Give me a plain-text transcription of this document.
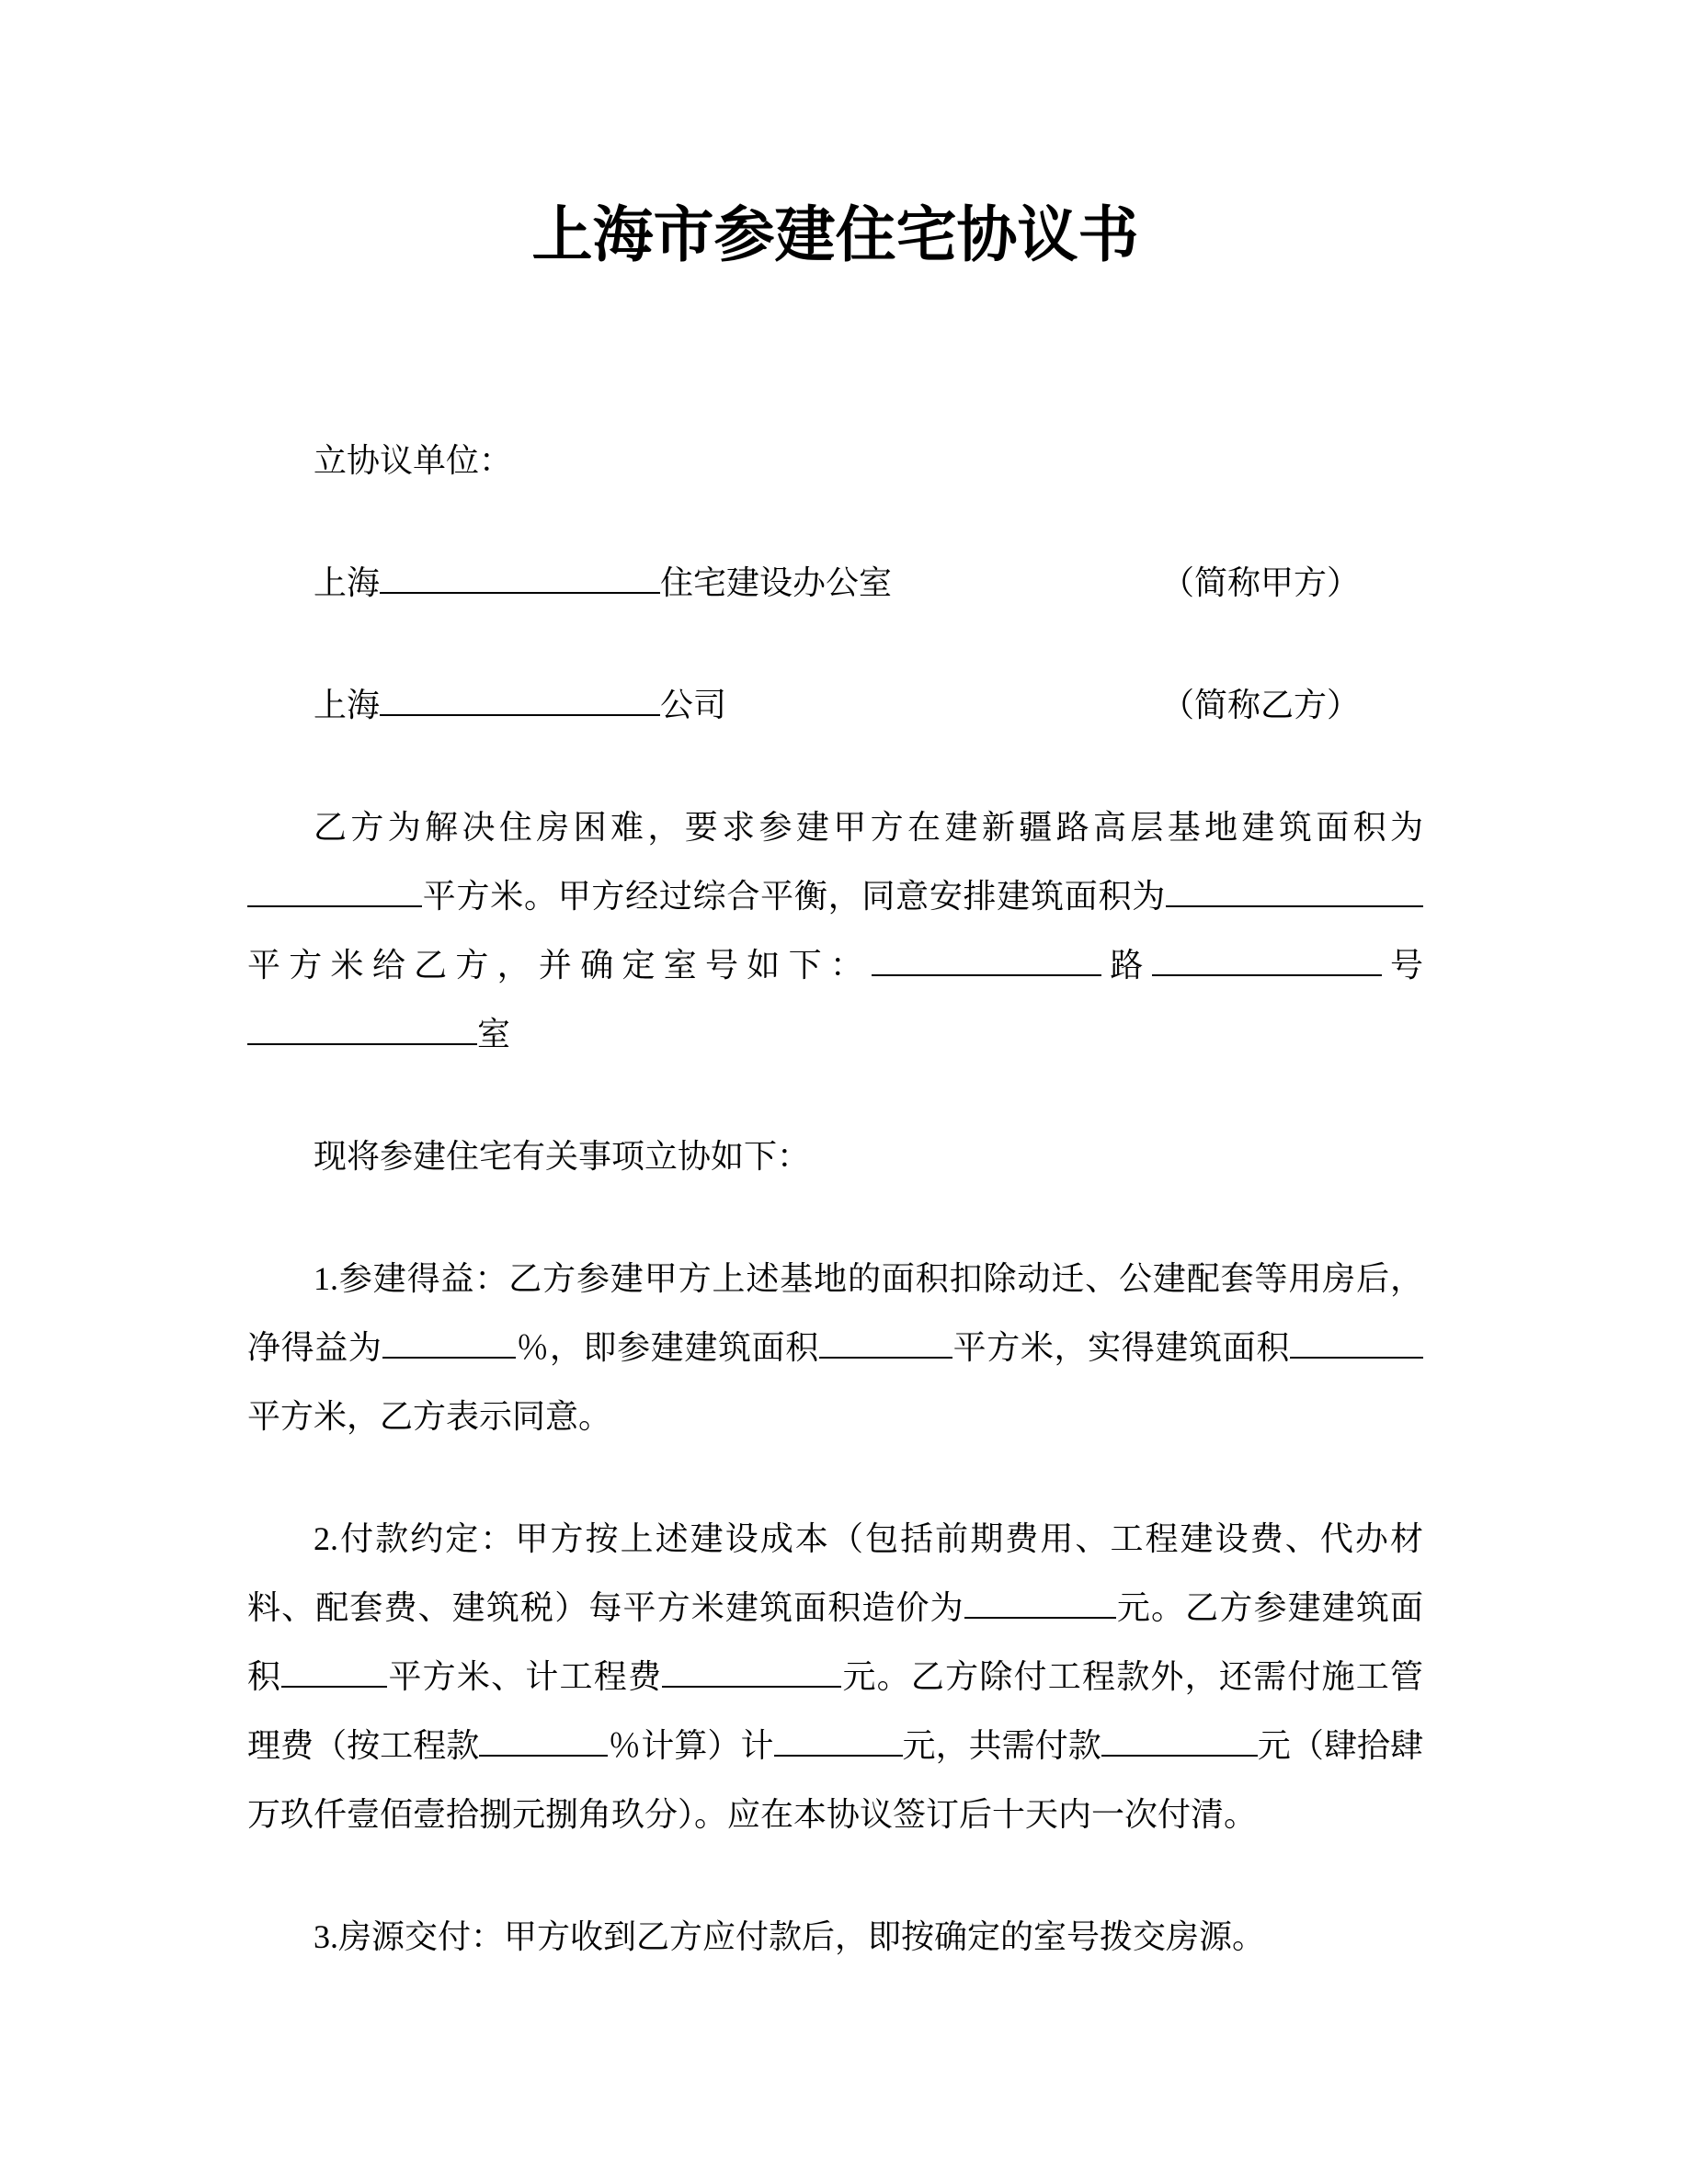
上海市参建住宅协议书

立协议单位：

上海	住宅建设办公室	（简称甲方）
上海	公司	（简称乙方）

乙方为解决住房困难，要求参建甲方在建新疆路高层基地建筑面积为平方米。甲方经过综合平衡，同意安排建筑面积为平方米给乙方，并确定室号如下：	路	号室

现将参建住宅有关事项立协如下：

1.参建得益：乙方参建甲方上述基地的面积扣除动迁、公建配套等用房后，净得益为	％，即参建建筑面积	平方米，实得建筑面积平方米，乙方表示同意。

2.付款约定：甲方按上述建设成本（包括前期费用、工程建设费、代办材料、配套费、建筑税）每平方米建筑面积造价为	元。乙方参建建筑面积	平方米、计工程费	元。乙方除付工程款外，还需付施工管理费（按工程款	％计算）计	元，共需付款	元（肆拾肆万玖仟壹佰壹拾捌元捌角玖分）。应在本协议签订后十天内一次付清。

3.房源交付：甲方收到乙方应付款后，即按确定的室号拨交房源。
